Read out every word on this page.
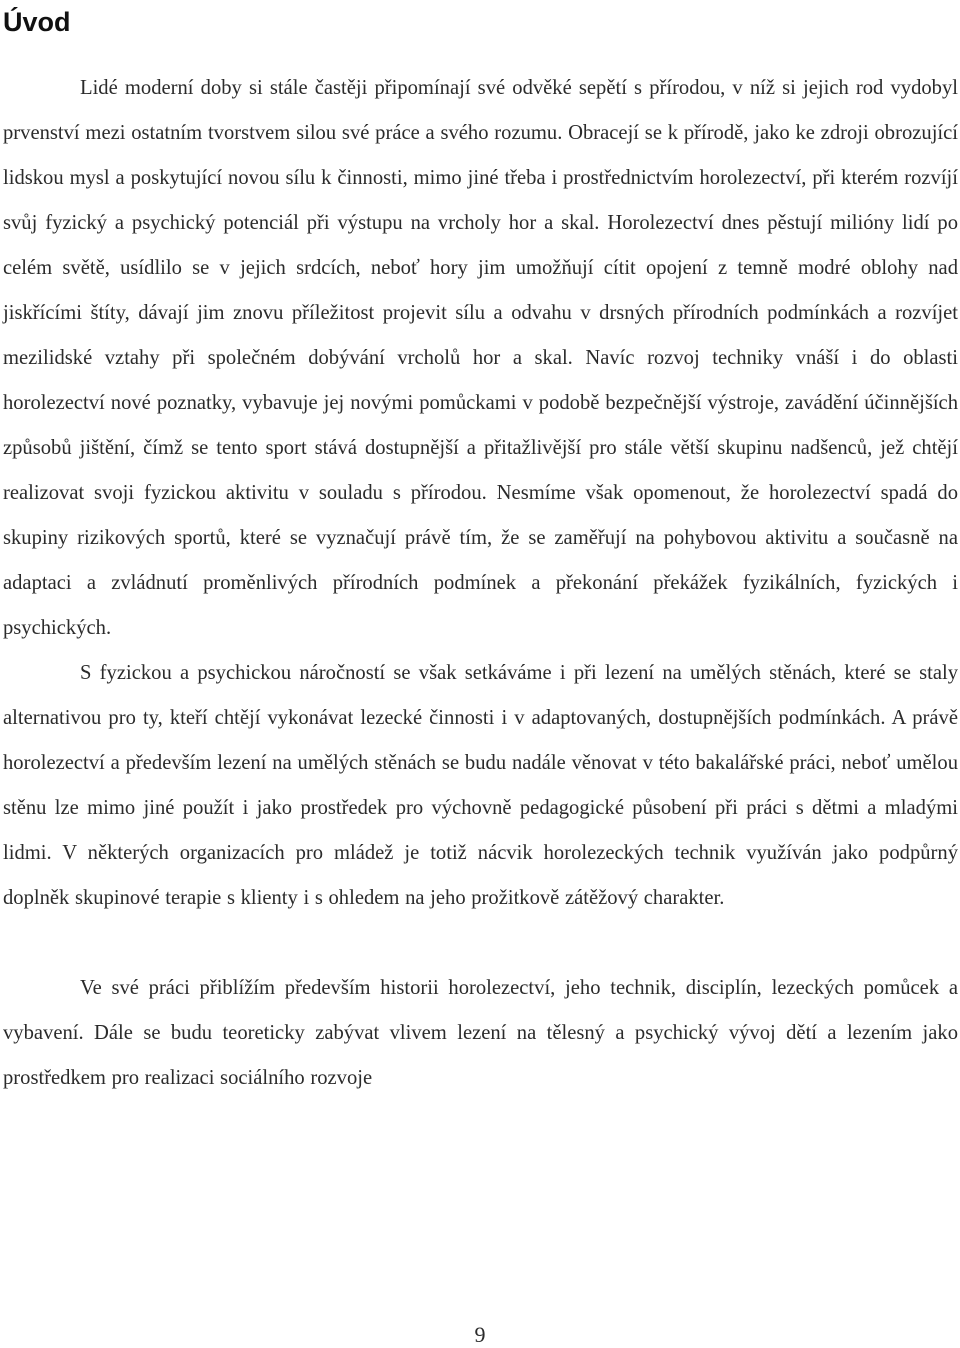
Úvod

Lidé moderní doby si stále častěji připomínají své odvěké sepětí s přírodou, v níž si jejich rod vydobyl prvenství mezi ostatním tvorstvem silou své práce a svého rozumu. Obracejí se k přírodě, jako ke zdroji obrozující lidskou mysl a poskytující novou sílu k činnosti, mimo jiné třeba i prostřednictvím horolezectví, při kterém rozvíjí svůj fyzický a psychický potenciál při výstupu na vrcholy hor a skal. Horolezectví dnes pěstují milióny lidí po celém světě, usídlilo se v jejich srdcích, neboť hory jim umožňují cítit opojení z temně modré oblohy nad jiskřícími štíty, dávají jim znovu příležitost projevit sílu a odvahu v drsných přírodních podmínkách a rozvíjet mezilidské vztahy při společném dobývání vrcholů hor a skal. Navíc rozvoj techniky vnáší i do oblasti horolezectví nové poznatky, vybavuje jej novými pomůckami v podobě bezpečnější výstroje, zavádění účinnějších způsobů jištění, čímž se tento sport stává dostupnější a přitažlivější pro stále větší skupinu nadšenců, jež chtějí realizovat svoji fyzickou aktivitu v souladu s přírodou. Nesmíme však opomenout, že horolezectví spadá do skupiny rizikových sportů, které se vyznačují právě tím, že se zaměřují na pohybovou aktivitu a současně na adaptaci a zvládnutí proměnlivých přírodních podmínek a překonání překážek fyzikálních, fyzických i psychických.

S fyzickou a psychickou náročností se však setkáváme i při lezení na umělých stěnách, které se staly alternativou pro ty, kteří chtějí vykonávat lezecké činnosti i v adaptovaných, dostupnějších podmínkách. A právě horolezectví a především lezení na umělých stěnách se budu nadále věnovat v této bakalářské práci, neboť umělou stěnu lze mimo jiné použít i jako prostředek pro výchovně pedagogické působení při práci s dětmi a mladými lidmi. V některých organizacích pro mládež je totiž nácvik horolezeckých technik využíván jako podpůrný doplněk skupinové terapie s klienty i s ohledem na jeho prožitkově zátěžový charakter.

Ve své práci přiblížím především historii horolezectví, jeho technik, disciplín, lezeckých pomůcek a vybavení. Dále se budu teoreticky zabývat vlivem lezení na tělesný a psychický vývoj dětí a lezením jako prostředkem pro realizaci sociálního rozvoje

9
